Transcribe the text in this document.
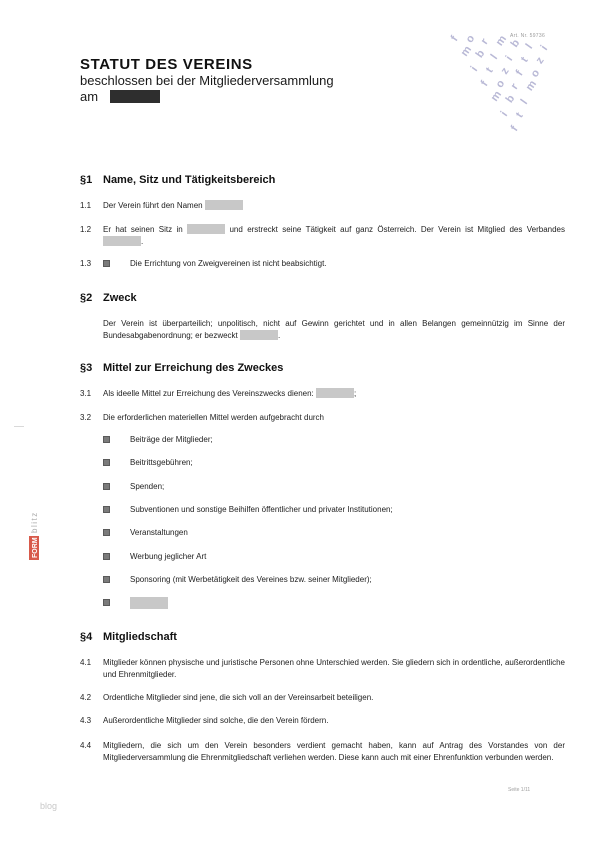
Art. Nr. 59736
STATUT DES VEREINS
beschlossen bei der Mitgliederversammlung
am
f o r m b l i
m b l i t z
i t z f o
f o r m
m b l
i t
f
FORM
blitz
§1 Name, Sitz und Tätigkeitsbereich
1.1 Der Verein führt den Namen
1.2 Er hat seinen Sitz in	und erstreckt seine Tätigkeit auf ganz Österreich. Der Verein ist Mitglied des Verbandes .
1.3	Die Errichtung von Zweigvereinen ist nicht beabsichtigt.
§2 Zweck
Der Verein ist überparteilich; unpolitisch, nicht auf Gewinn gerichtet und in allen Belangen gemeinnützig im Sinne der Bundesabgabenordnung; er bezweckt	.
§3 Mittel zur Erreichung des Zweckes
3.1 Als ideelle Mittel zur Erreichung des Vereinszwecks dienen:	;
3.2 Die erforderlichen materiellen Mittel werden aufgebracht durch
Beiträge der Mitglieder;
Beitrittsgebühren;
Spenden;
Subventionen und sonstige Beihilfen öffentlicher und privater Institutionen;
Veranstaltungen
Werbung jeglicher Art
Sponsoring (mit Werbetätigkeit des Vereines bzw. seiner Mitglieder);
§4 Mitgliedschaft
4.1 Mitglieder können physische und juristische Personen ohne Unterschied werden. Sie gliedern sich in ordentliche, außerordentliche und Ehrenmitglieder.
4.2 Ordentliche Mitglieder sind jene, die sich voll an der Vereinsarbeit beteiligen.
4.3 Außerordentliche Mitglieder sind solche, die den Verein fördern.
4.4 Mitgliedern, die sich um den Verein besonders verdient gemacht haben, kann auf Antrag des Vorstandes von der Mitgliederversammlung die Ehrenmitgliedschaft verliehen werden. Diese kann auch mit einer Ehrenfunktion verbunden werden.
blog
Seite 1/11
